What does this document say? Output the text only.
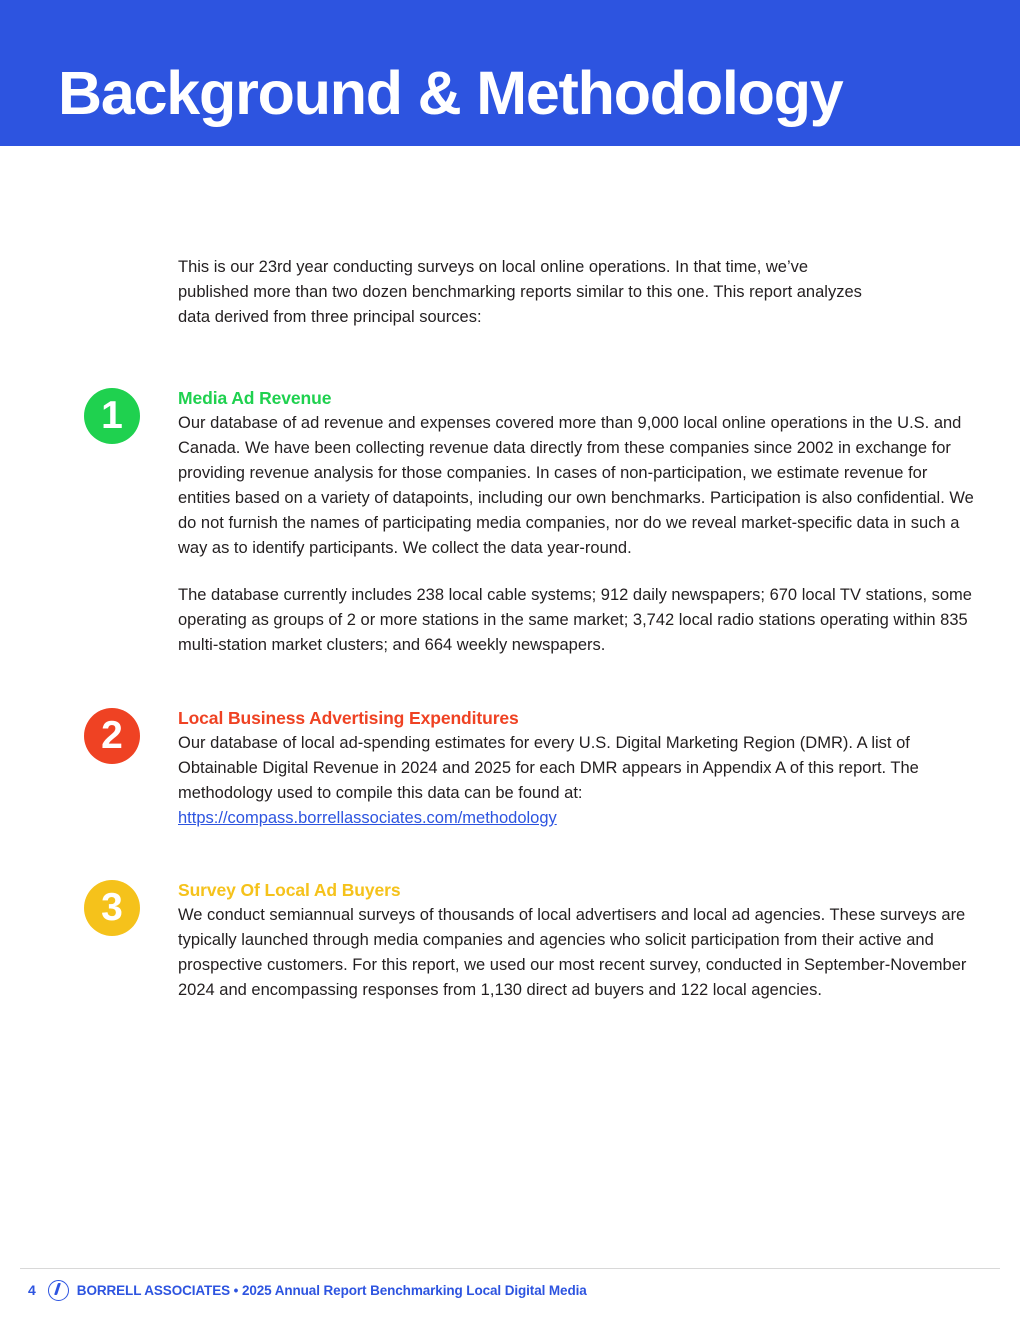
Background & Methodology
This is our 23rd year conducting surveys on local online operations. In that time, we’ve published more than two dozen benchmarking reports similar to this one. This report analyzes data derived from three principal sources:
1	Media Ad Revenue

Our database of ad revenue and expenses covered more than 9,000 local online operations in the U.S. and Canada. We have been collecting revenue data directly from these companies since 2002 in exchange for providing revenue analysis for those companies. In cases of non-participation, we estimate revenue for entities based on a variety of datapoints, including our own benchmarks. Participation is also confidential. We do not furnish the names of participating media companies, nor do we reveal market-specific data in such a way as to identify participants. We collect the data year-round.

The database currently includes 238 local cable systems; 912 daily newspapers; 670 local TV stations, some operating as groups of 2 or more stations in the same market; 3,742 local radio stations operating within 835 multi-station market clusters; and 664 weekly newspapers.

2	Local Business Advertising Expenditures

Our database of local ad-spending estimates for every U.S. Digital Marketing Region (DMR). A list of Obtainable Digital Revenue in 2024 and 2025 for each DMR appears in Appendix A of this report. The methodology used to compile this data can be found at:

https://compass.borrellassociates.com/methodology

3	Survey Of Local Ad Buyers

We conduct semiannual surveys of thousands of local advertisers and local ad agencies. These surveys are typically launched through media companies and agencies who solicit participation from their active and prospective customers. For this report, we used our most recent survey, conducted in September-November 2024 and encompassing responses from 1,130 direct ad buyers and 122 local agencies.

4	BORRELL ASSOCIATES • 2025 Annual Report Benchmarking Local Digital Media
